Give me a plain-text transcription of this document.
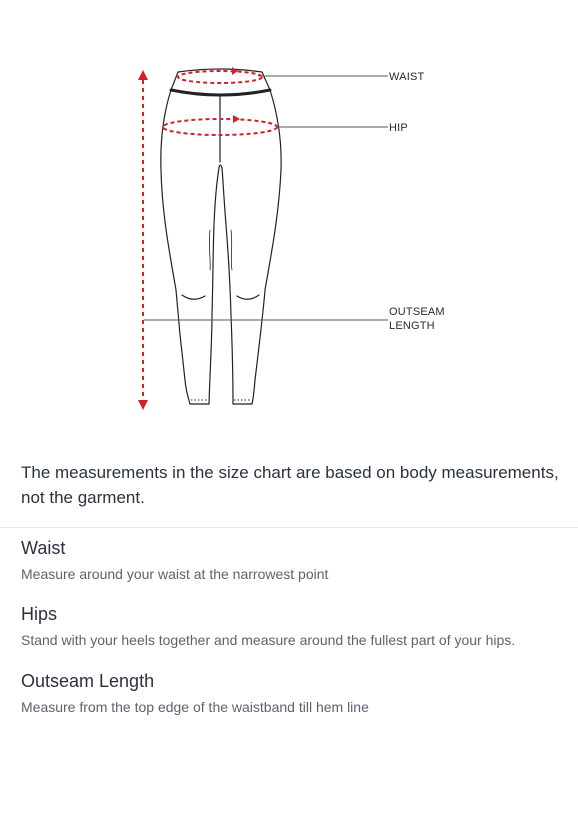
WAIST
HIP
OUTSEAM
LENGTH
The measurements in the size chart are based on body measurements,
not the garment.
Waist

Measure around your waist at the narrowest point

Hips

Stand with your heels together and measure around the fullest part of your hips.

Outseam Length

Measure from the top edge of the waistband till hem line
